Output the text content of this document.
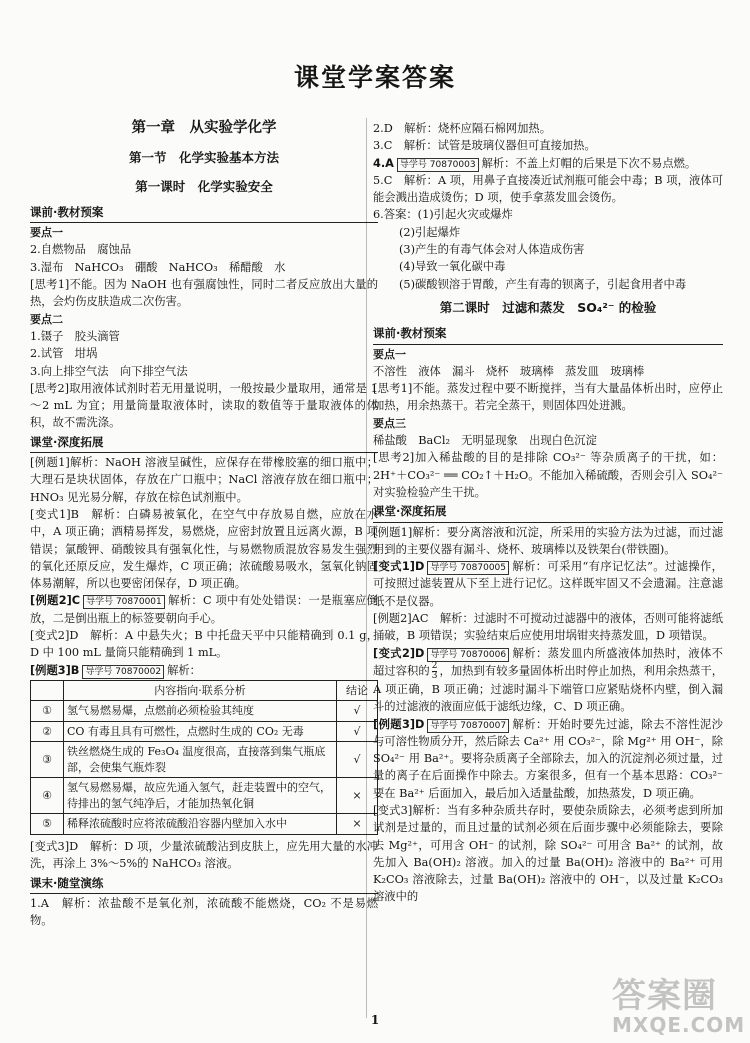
课堂学案答案
第一章　从实验学化学
第一节　化学实验基本方法
第一课时　化学实验安全
课前·教材预案
要点一

2.自燃物品　腐蚀品

3.湿布　NaHCO₃　硼酸　NaHCO₃　稀醋酸　水

[思考1]不能。因为 NaOH 也有强腐蚀性，同时二者反应放出大量的热，会灼伤皮肤造成二次伤害。

要点二

1.镊子　胶头滴管

2.试管　坩埚

3.向上排空气法　向下排空气法

[思考2]取用液体试剂时若无用量说明，一般按最少量取用，通常是 1～2 mL 为宜；用量筒量取液体时，读取的数值等于量取液体的体积，故不需洗涤。

课堂·深度拓展

[例题1]解析：NaOH 溶液呈碱性，应保存在带橡胶塞的细口瓶中；大理石是块状固体，存放在广口瓶中；NaCl 溶液存放在细口瓶中；HNO₃ 见光易分解，存放在棕色试剂瓶中。

[变式1]B　解析：白磷易被氧化，在空气中存放易自燃，应放在水中，A 项正确；酒精易挥发，易燃烧，应密封放置且远离火源，B 项错误；氯酸钾、硝酸铵具有强氧化性，与易燃物质混放容易发生强烈的氧化还原反应，发生爆炸，C 项正确；浓硫酸易吸水，氢氧化钠固体易潮解，所以也要密闭保存，D 项正确。

[例题2]C 导学号 70870001 解析：C 项中有处处错误：一是瓶塞应倒放，二是倒出瓶上的标签要朝向手心。

[变式2]D　解析：A 中悬失火；B 中托盘天平中只能精确到 0.1 g，D 中 100 mL 量筒只能精确到 1 mL。

[例题3]B 导学号 70870002 解析：

	内容指向·联系分析	结论
①	氢气易燃易爆，点燃前必须检验其纯度	√
②	CO 有毒且具有可燃性，点燃时生成的 CO₂ 无毒	√
③	铁丝燃烧生成的 Fe₃O₄ 温度很高，直接落到集气瓶底部，会使集气瓶炸裂	√
④	氢气易燃易爆，故应先通入氢气，赶走装置中的空气，待排出的氢气纯净后，才能加热氧化铜	×
⑤	稀释浓硫酸时应将浓硫酸沿容器内壁加入水中	×

[变式3]D　解析：D 项，少量浓硫酸沾到皮肤上，应先用大量的水冲洗，再涂上 3%～5%的 NaHCO₃ 溶液。

课末·随堂演练

1.A　解析：浓盐酸不是氧化剂，浓硫酸不能燃烧，CO₂ 不是易燃物。

2.D　解析：烧杯应隔石棉网加热。

3.C　解析：试管是玻璃仪器但可直接加热。

4.A 导学号 70870003 解析：不盖上灯帽的后果是下次不易点燃。

5.C　解析：A 项，用鼻子直接凑近试剂瓶可能会中毒；B 项，液体可能会溅出造成烫伤；D 项，使手拿蒸发皿会烫伤。

6.答案：(1)引起火灾或爆炸

(2)引起爆炸

(3)产生的有毒气体会对人体造成伤害

(4)导致一氧化碳中毒

(5)碳酸钡溶于胃酸，产生有毒的钡离子，引起食用者中毒

第二课时　过滤和蒸发　SO₄²⁻ 的检验
课前·教材预案
要点一

不溶性　液体　漏斗　烧杯　玻璃棒　蒸发皿　玻璃棒

[思考1]不能。蒸发过程中要不断搅拌，当有大量晶体析出时，应停止加热，用余热蒸干。若完全蒸干，则固体四处迸溅。

要点三

稀盐酸　BaCl₂　无明显现象　出现白色沉淀

[思考2]加入稀盐酸的目的是排除 CO₃²⁻ 等杂质离子的干扰，如：2H⁺＋CO₃²⁻ ══ CO₂↑＋H₂O。不能加入稀硫酸，否则会引入 SO₄²⁻ 对实验检验产生干扰。

课堂·深度拓展

[例题1]解析：要分离溶液和沉淀，所采用的实验方法为过滤，而过滤用到的主要仪器有漏斗、烧杯、玻璃棒以及铁架台(带铁圈)。

[变式1]D 导学号 70870005 解析：可采用“有序记忆法”。过滤操作，可按照过滤装置从下至上进行记忆。这样既牢固又不会遗漏。注意滤纸不是仪器。

[例题2]AC　解析：过滤时不可搅动过滤器中的液体，否则可能将滤纸捅破，B 项错误；实验结束后应使用坩埚钳夹持蒸发皿，D 项错误。

[变式2]D 导学号 70870006 解析：蒸发皿内所盛液体加热时，液体不超过容积的 $\frac{2}{3}$ ，加热到有较多量固体析出时停止加热，利用余热蒸干，A 项正确，B 项正确；过滤时漏斗下端管口应紧贴烧杯内壁，倒入漏斗的过滤液的液面应低于滤纸边缘，C、D 项正确。

[例题3]D 导学号 70870007 解析：开始时要先过滤，除去不溶性泥沙与可溶性物质分开，然后除去 Ca²⁺ 用 CO₃²⁻，除 Mg²⁺ 用 OH⁻，除 SO₄²⁻ 用 Ba²⁺。要将杂质离子全部除去，加入的沉淀剂必须过量，过量的离子在后面操作中除去。方案很多，但有一个基本思路：CO₃²⁻ 要在 Ba²⁺ 后面加入，最后加入适量盐酸，加热蒸发，D 项正确。

[变式3]解析：当有多种杂质共存时，要使杂质除去，必须考虑到所加试剂是过量的，而且过量的试剂必须在后面步骤中必须能除去，要除去 Mg²⁺，可用含 OH⁻ 的试剂，除 SO₄²⁻ 可用含 Ba²⁺ 的试剂，故先加入 Ba(OH)₂ 溶液。加入的过量 Ba(OH)₂ 溶液中的 Ba²⁺ 可用 K₂CO₃ 溶液除去，过量 Ba(OH)₂ 溶液中的 OH⁻，以及过量 K₂CO₃ 溶液中的

1
答案圈
MXQE.COM
